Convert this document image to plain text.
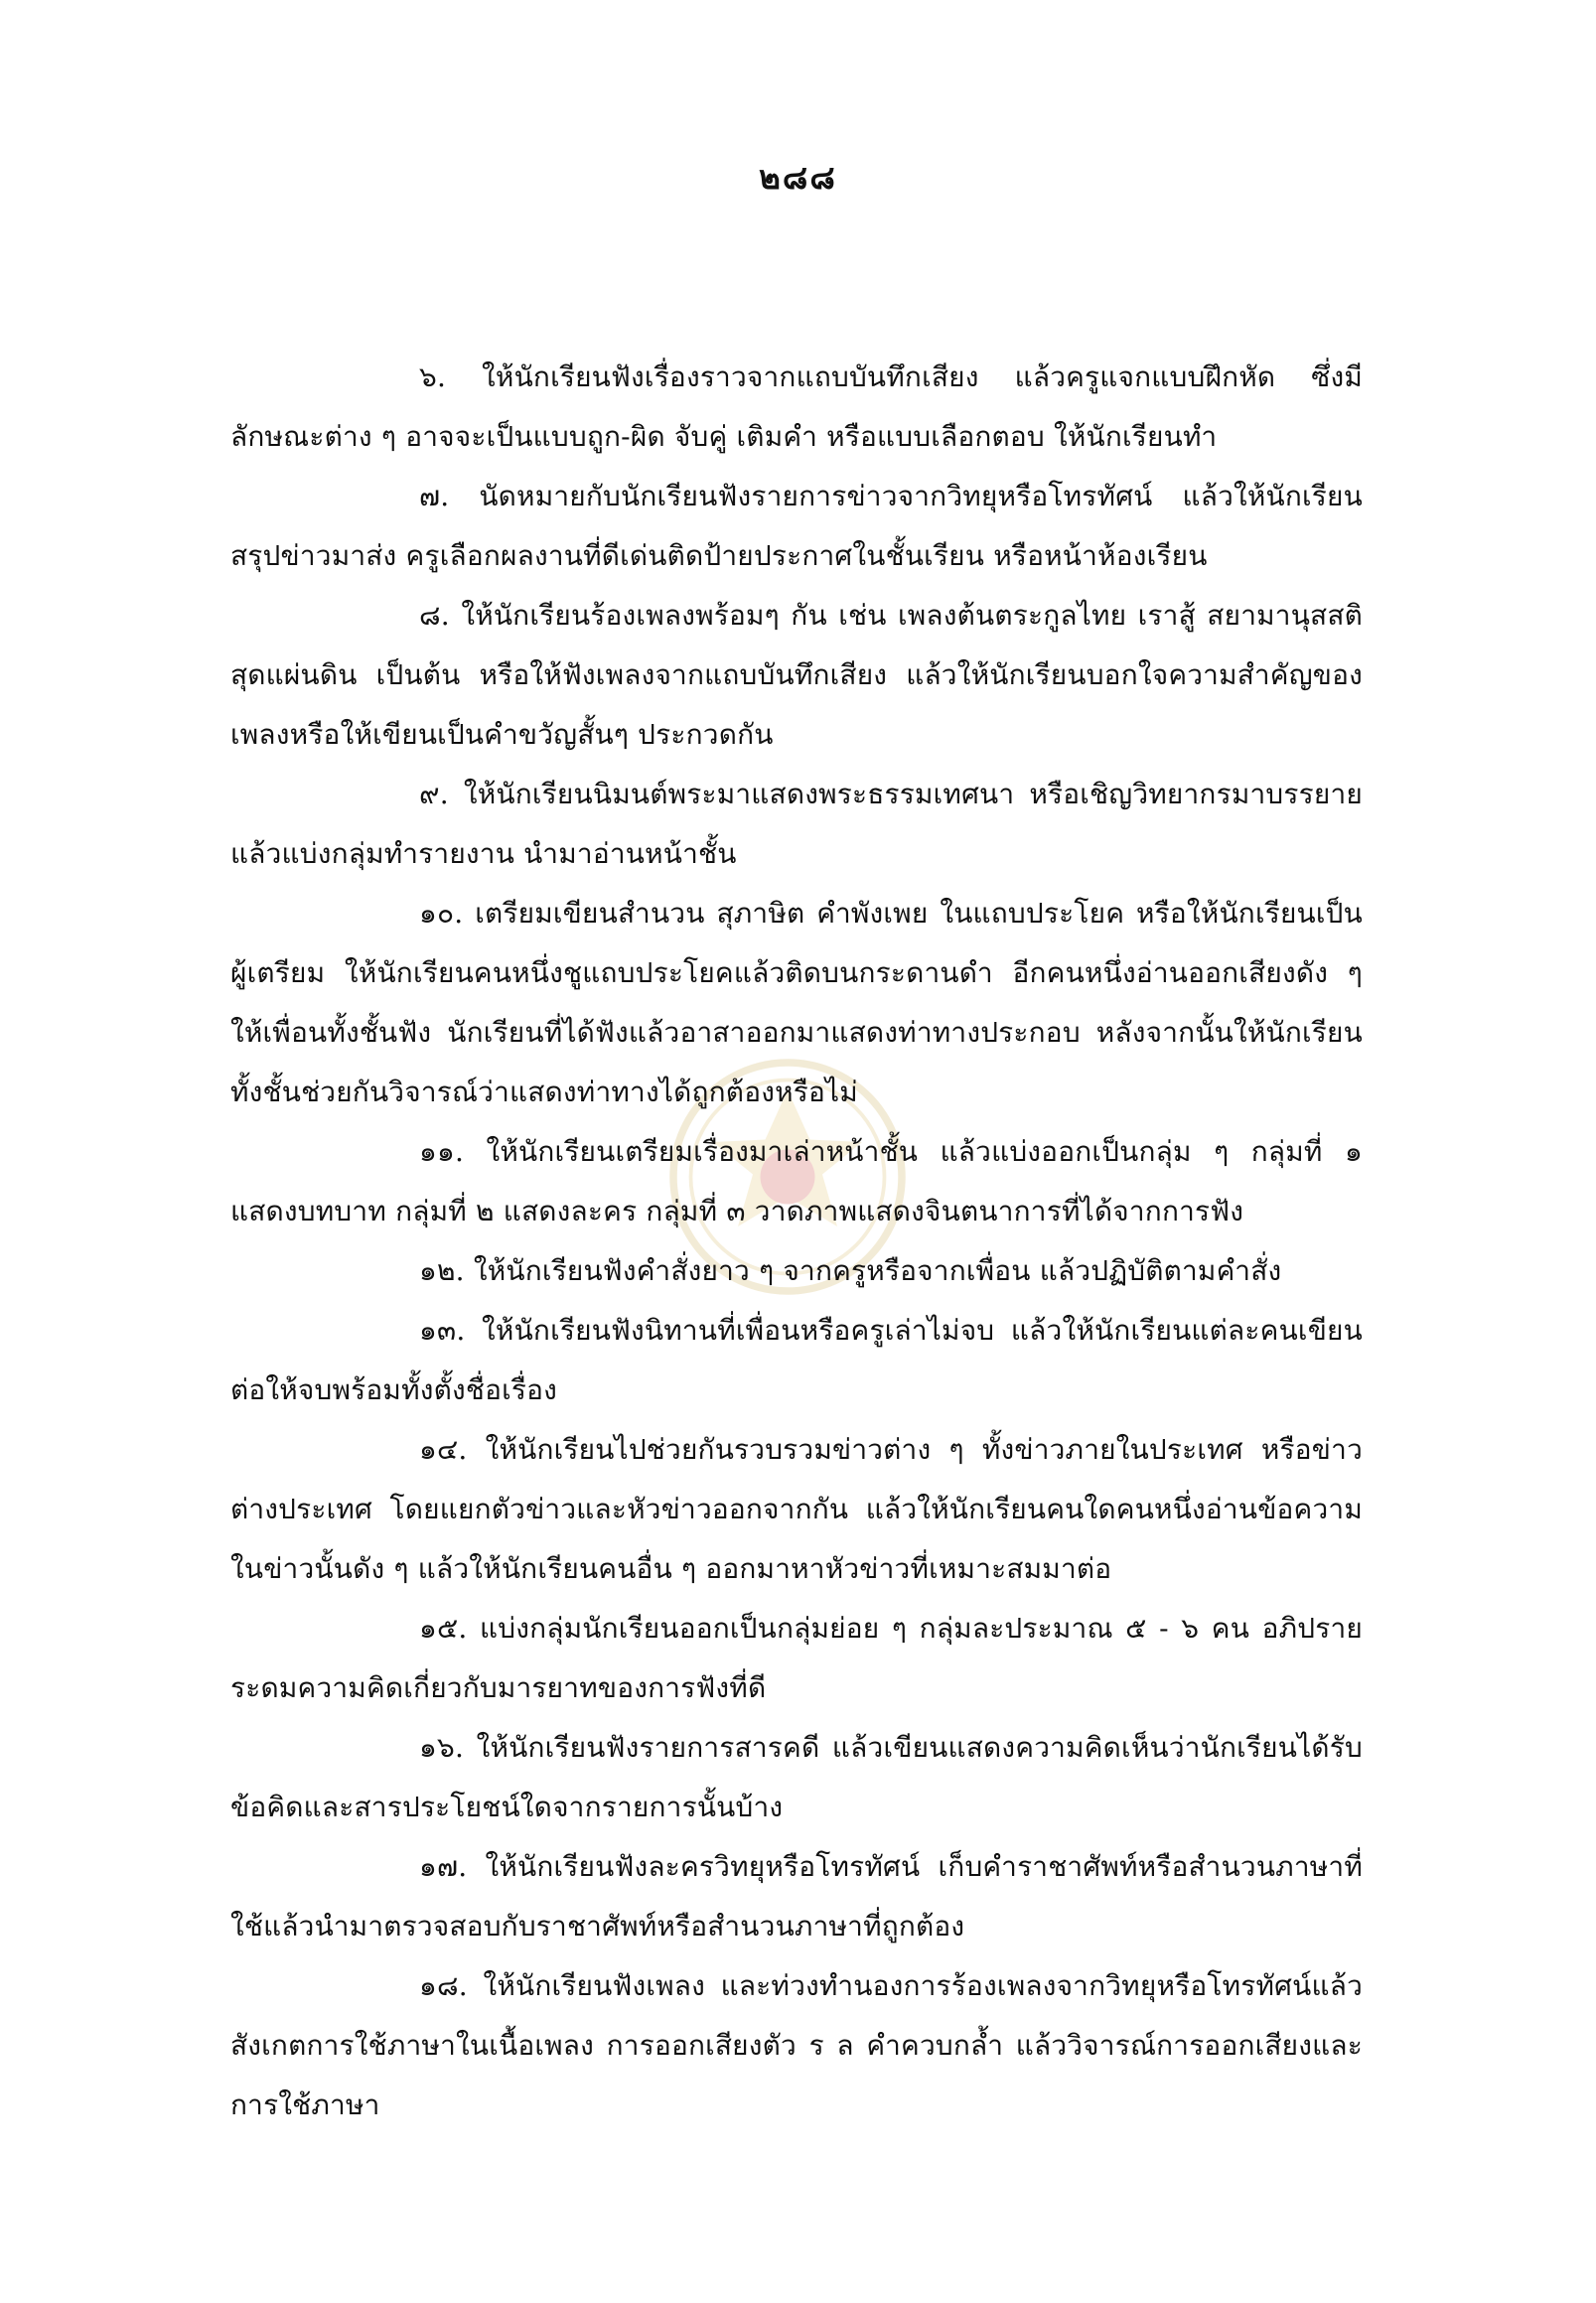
๒๘๘

๖. ให้นักเรียนฟังเรื่องราวจากแถบบันทึกเสียง แล้วครูแจกแบบฝึกหัด ซึ่งมีลักษณะต่าง ๆ อาจจะเป็นแบบถูก-ผิด จับคู่ เติมคำ หรือแบบเลือกตอบ ให้นักเรียนทำ

๗. นัดหมายกับนักเรียนฟังรายการข่าวจากวิทยุหรือโทรทัศน์ แล้วให้นักเรียนสรุปข่าวมาส่ง ครูเลือกผลงานที่ดีเด่นติดป้ายประกาศในชั้นเรียน หรือหน้าห้องเรียน

๘. ให้นักเรียนร้องเพลงพร้อมๆ กัน เช่น เพลงต้นตระกูลไทย เราสู้ สยามานุสสติ สุดแผ่นดิน เป็นต้น หรือให้ฟังเพลงจากแถบบันทึกเสียง แล้วให้นักเรียนบอกใจความสำคัญของเพลงหรือให้เขียนเป็นคำขวัญสั้นๆ ประกวดกัน

๙. ให้นักเรียนนิมนต์พระมาแสดงพระธรรมเทศนา หรือเชิญวิทยากรมาบรรยาย แล้วแบ่งกลุ่มทำรายงาน นำมาอ่านหน้าชั้น

๑๐. เตรียมเขียนสำนวน สุภาษิต คำพังเพย ในแถบประโยค หรือให้นักเรียนเป็นผู้เตรียม ให้นักเรียนคนหนึ่งชูแถบประโยคแล้วติดบนกระดานดำ อีกคนหนึ่งอ่านออกเสียงดัง ๆ ให้เพื่อนทั้งชั้นฟัง นักเรียนที่ได้ฟังแล้วอาสาออกมาแสดงท่าทางประกอบ หลังจากนั้นให้นักเรียนทั้งชั้นช่วยกันวิจารณ์ว่าแสดงท่าทางได้ถูกต้องหรือไม่

๑๑. ให้นักเรียนเตรียมเรื่องมาเล่าหน้าชั้น แล้วแบ่งออกเป็นกลุ่ม ๆ กลุ่มที่ ๑ แสดงบทบาท กลุ่มที่ ๒ แสดงละคร กลุ่มที่ ๓ วาดภาพแสดงจินตนาการที่ได้จากการฟัง

๑๒. ให้นักเรียนฟังคำสั่งยาว ๆ จากครูหรือจากเพื่อน แล้วปฏิบัติตามคำสั่ง

๑๓. ให้นักเรียนฟังนิทานที่เพื่อนหรือครูเล่าไม่จบ แล้วให้นักเรียนแต่ละคนเขียนต่อให้จบพร้อมทั้งตั้งชื่อเรื่อง

๑๔. ให้นักเรียนไปช่วยกันรวบรวมข่าวต่าง ๆ ทั้งข่าวภายในประเทศ หรือข่าวต่างประเทศ โดยแยกตัวข่าวและหัวข่าวออกจากกัน แล้วให้นักเรียนคนใดคนหนึ่งอ่านข้อความในข่าวนั้นดัง ๆ แล้วให้นักเรียนคนอื่น ๆ ออกมาหาหัวข่าวที่เหมาะสมมาต่อ

๑๕. แบ่งกลุ่มนักเรียนออกเป็นกลุ่มย่อย ๆ กลุ่มละประมาณ ๕ - ๖ คน อภิปรายระดมความคิดเกี่ยวกับมารยาทของการฟังที่ดี

๑๖. ให้นักเรียนฟังรายการสารคดี แล้วเขียนแสดงความคิดเห็นว่านักเรียนได้รับข้อคิดและสารประโยชน์ใดจากรายการนั้นบ้าง

๑๗. ให้นักเรียนฟังละครวิทยุหรือโทรทัศน์ เก็บคำราชาศัพท์หรือสำนวนภาษาที่ใช้แล้วนำมาตรวจสอบกับราชาศัพท์หรือสำนวนภาษาที่ถูกต้อง

๑๘. ให้นักเรียนฟังเพลง และท่วงทำนองการร้องเพลงจากวิทยุหรือโทรทัศน์แล้วสังเกตการใช้ภาษาในเนื้อเพลง การออกเสียงตัว ร ล คำควบกล้ำ แล้ววิจารณ์การออกเสียงและการใช้ภาษา
